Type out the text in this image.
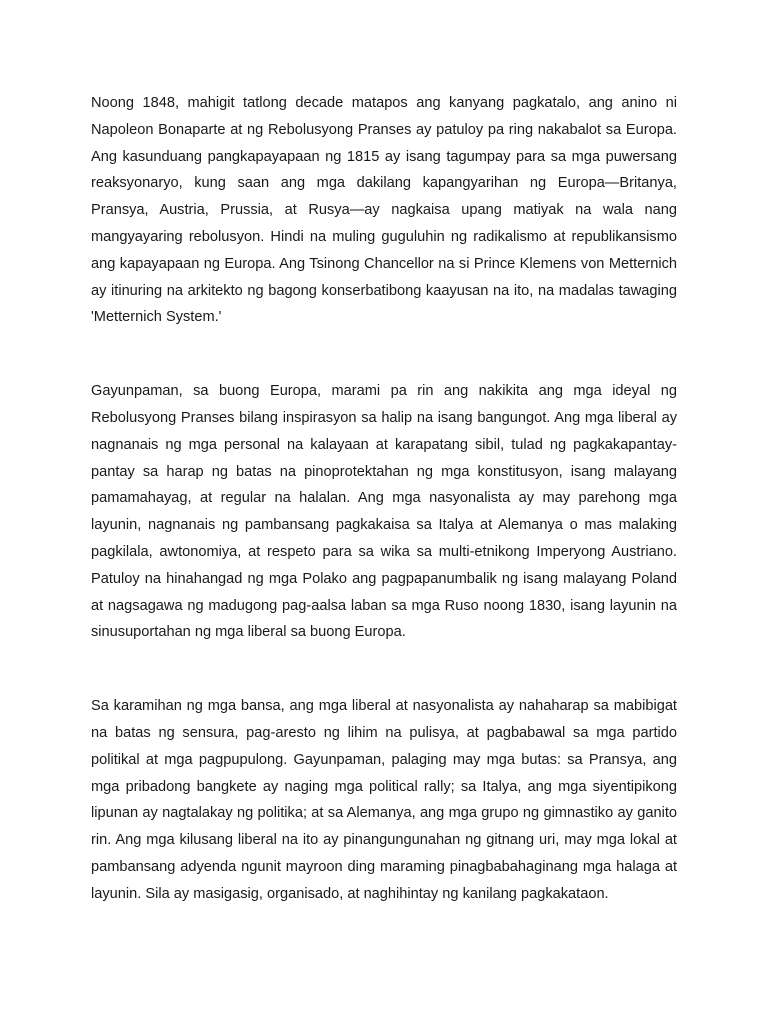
Noong 1848, mahigit tatlong decade matapos ang kanyang pagkatalo, ang anino ni Napoleon Bonaparte at ng Rebolusyong Pranses ay patuloy pa ring nakabalot sa Europa. Ang kasunduang pangkapayapaan ng 1815 ay isang tagumpay para sa mga puwersang reaksyonaryo, kung saan ang mga dakilang kapangyarihan ng Europa—Britanya, Pransya, Austria, Prussia, at Rusya—ay nagkaisa upang matiyak na wala nang mangyayaring rebolusyon. Hindi na muling guguluhin ng radikalismo at republikansismo ang kapayapaan ng Europa. Ang Tsinong Chancellor na si Prince Klemens von Metternich ay itinuring na arkitekto ng bagong konserbatibong kaayusan na ito, na madalas tawaging 'Metternich System.'

Gayunpaman, sa buong Europa, marami pa rin ang nakikita ang mga ideyal ng Rebolusyong Pranses bilang inspirasyon sa halip na isang bangungot. Ang mga liberal ay nagnanais ng mga personal na kalayaan at karapatang sibil, tulad ng pagkakapantay-pantay sa harap ng batas na pinoprotektahan ng mga konstitusyon, isang malayang pamamahayag, at regular na halalan. Ang mga nasyonalista ay may parehong mga layunin, nagnanais ng pambansang pagkakaisa sa Italya at Alemanya o mas malaking pagkilala, awtonomiya, at respeto para sa wika sa multi-etnikong Imperyong Austriano. Patuloy na hinahangad ng mga Polako ang pagpapanumbalik ng isang malayang Poland at nagsagawa ng madugong pag-aalsa laban sa mga Ruso noong 1830, isang layunin na sinusuportahan ng mga liberal sa buong Europa.

Sa karamihan ng mga bansa, ang mga liberal at nasyonalista ay nahaharap sa mabibigat na batas ng sensura, pag-aresto ng lihim na pulisya, at pagbabawal sa mga partido politikal at mga pagpupulong. Gayunpaman, palaging may mga butas: sa Pransya, ang mga pribadong bangkete ay naging mga political rally; sa Italya, ang mga siyentipikong lipunan ay nagtalakay ng politika; at sa Alemanya, ang mga grupo ng gimnastiko ay ganito rin. Ang mga kilusang liberal na ito ay pinangungunahan ng gitnang uri, may mga lokal at pambansang adyenda ngunit mayroon ding maraming pinagbabahaginang mga halaga at layunin. Sila ay masigasig, organisado, at naghihintay ng kanilang pagkakataon.
